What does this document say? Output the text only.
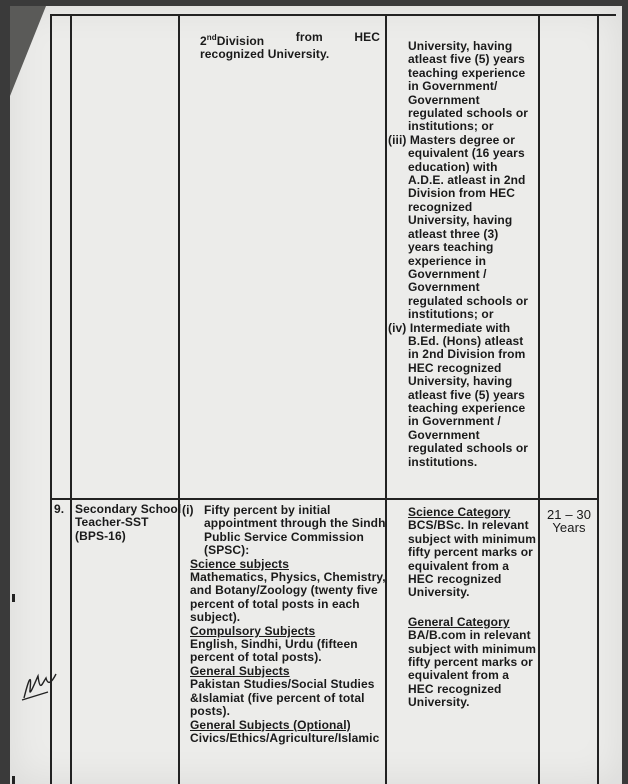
2ndDivision	from	HEC
recognized University.
University, having
atleast five (5) years
teaching experience
in Government/
Government
regulated schools or
institutions; or
(iii) Masters degree or
equivalent (16 years
education) with
A.D.E. atleast in 2nd
Division from HEC
recognized
University, having
atleast three (3)
years teaching
experience in
Government /
Government
regulated schools or
institutions; or
(iv) Intermediate with
B.Ed. (Hons) atleast
in 2nd Division from
HEC recognized
University, having
atleast five (5) years
teaching experience
in Government /
Government
regulated schools or
institutions.
9. Secondary School
Teacher-SST
(BPS-16)
(i) Fifty percent by initial
appointment through the Sindh
Public Service Commission
(SPSC):
Science subjects
Mathematics, Physics, Chemistry,
and Botany/Zoology (twenty five
percent of total posts in each
subject).
Compulsory Subjects
English, Sindhi, Urdu (fifteen
percent of total posts).
General Subjects
Pakistan Studies/Social Studies
&Islamiat (five percent of total
posts).
General Subjects (Optional)
Civics/Ethics/Agriculture/Islamic
Science Category
BCS/BSc. In relevant
subject with minimum
fifty percent marks or
equivalent from a
HEC recognized
University.
General Category
BA/B.com in relevant
subject with minimum
fifty percent marks or
equivalent from a
HEC recognized
University.
21 – 30
Years
